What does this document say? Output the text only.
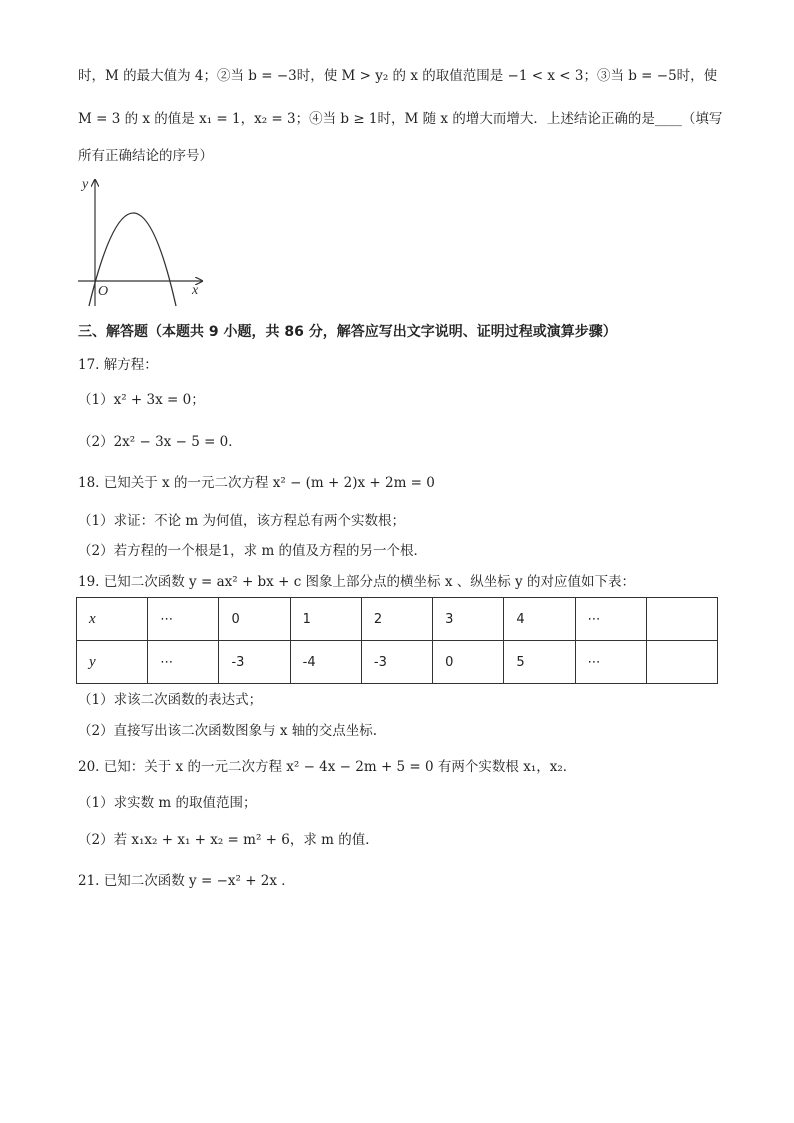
时，M 的最大值为 4；②当 b = −3时，使 M > y₂ 的 x 的取值范围是 −1 < x < 3；③当 b = −5时，使
M = 3 的 x 的值是 x₁ = 1，x₂ = 3；④当 b ≥ 1时，M 随 x 的增大而增大．上述结论正确的是____（填写
所有正确结论的序号）
y
x
O
三、解答题（本题共 9 小题，共 86 分，解答应写出文字说明、证明过程或演算步骤）
17. 解方程：
（1）x² + 3x = 0；
（2）2x² − 3x − 5 = 0．
18. 已知关于 x 的一元二次方程 x² − (m + 2)x + 2m = 0
（1）求证：不论 m 为何值，该方程总有两个实数根；
（2）若方程的一个根是1，求 m 的值及方程的另一个根．
19. 已知二次函数 y = ax² + bx + c 图象上部分点的横坐标 x 、纵坐标 y 的对应值如下表：
x	⋯	0	1	2	3	4	⋯	
y	⋯	-3	-4	-3	0	5	⋯	
（1）求该二次函数的表达式；
（2）直接写出该二次函数图象与 x 轴的交点坐标.
20. 已知：关于 x 的一元二次方程 x² − 4x − 2m + 5 = 0 有两个实数根 x₁，x₂．
（1）求实数 m 的取值范围；
（2）若 x₁x₂ + x₁ + x₂ = m² + 6，求 m 的值．
21. 已知二次函数 y = −x² + 2x ．
